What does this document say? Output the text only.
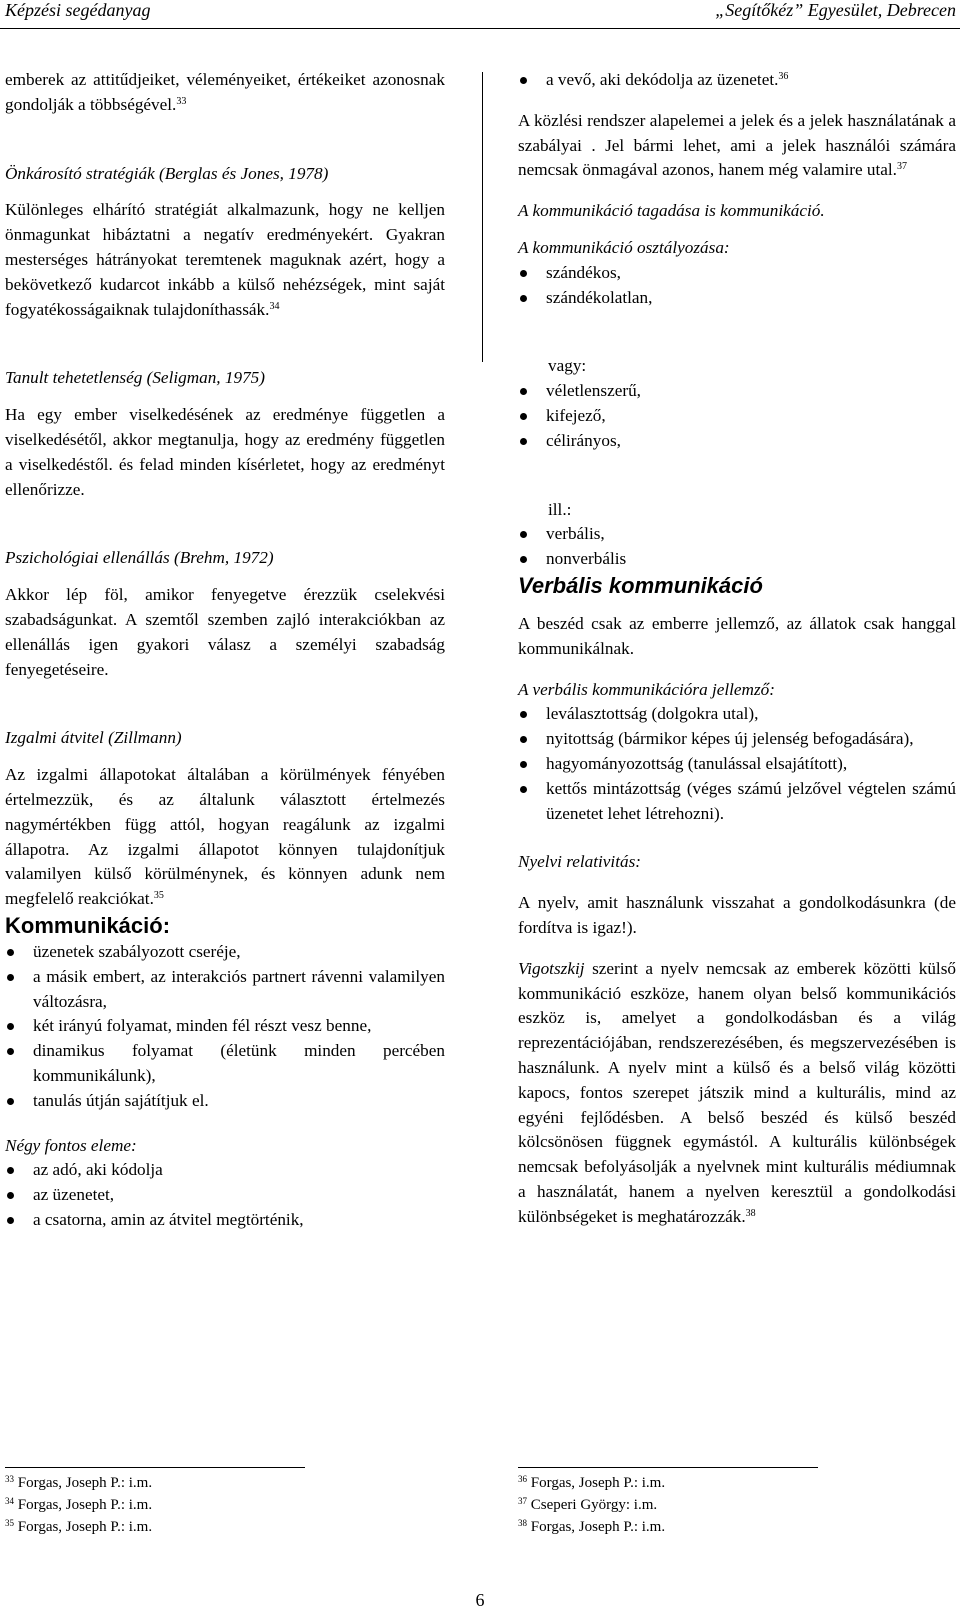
Képzési segédanyag	„Segítőkéz” Egyesület, Debrecen

emberek az attitűdjeiket, véleményeiket, értékeiket azonosnak gondolják a többségével.$^{33}$

Önkárosító stratégiák (Berglas és Jones, 1978)

Különleges elhárító stratégiát alkalmazunk, hogy ne kelljen önmagunkat hibáztatni a negatív eredményekért. Gyakran mesterséges hátrányokat teremtenek maguknak azért, hogy a bekövetkező kudarcot inkább a külső nehézségek, mint saját fogyatékosságaiknak tulajdoníthassák.$^{34}$

Tanult tehetetlenség (Seligman, 1975)

Ha egy ember viselkedésének az eredménye független a viselkedésétől, akkor megtanulja, hogy az eredmény független a viselkedéstől. és felad minden kísérletet, hogy az eredményt ellenőrizze.

Pszichológiai ellenállás (Brehm, 1972)

Akkor lép föl, amikor fenyegetve érezzük cselekvési szabadságunkat. A szemtől szemben zajló interakciókban az ellenállás igen gyakori válasz a személyi szabadság fenyegetéseire.

Izgalmi átvitel (Zillmann)

Az izgalmi állapotokat általában a körülmények fényében értelmezzük, és az általunk választott értelmezés nagymértékben függ attól, hogyan reagálunk az izgalmi állapotra. Az izgalmi állapotot könnyen tulajdonítjuk valamilyen külső körülménynek, és könnyen adunk nem megfelelő reakciókat.$^{35}$

Kommunikáció:
üzenetek szabályozott cseréje,
a másik embert, az interakciós partnert rávenni valamilyen változásra,
két irányú folyamat, minden fél részt vesz benne,
dinamikus folyamat (életünk minden percében kommunikálunk),
tanulás útján sajátítjuk el.

Négy fontos eleme:

az adó, aki kódolja
az üzenetet,
a csatorna, amin az átvitel megtörténik,
a vevő, aki dekódolja az üzenetet.$^{36}$

A közlési rendszer alapelemei a jelek és a jelek használatának a szabályai . Jel bármi lehet, ami a jelek használói számára nemcsak önmagával azonos, hanem még valamire utal.$^{37}$

A kommunikáció tagadása is kommunikáció.

A kommunikáció osztályozása:

szándékos,
szándékolatlan,

vagy:

véletlenszerű,
kifejező,
célirányos,

ill.:

verbális,
nonverbális
Verbális kommunikáció

A beszéd csak az emberre jellemző, az állatok csak hanggal kommunikálnak.

A verbális kommunikációra jellemző:

leválasztottság (dolgokra utal),
nyitottság (bármikor képes új jelenség befogadására),
hagyományozottság (tanulással elsajátított),
kettős mintázottság (véges számú jelzővel végtelen számú üzenetet lehet létrehozni).

Nyelvi relativitás:

A nyelv, amit használunk visszahat a gondolkodásunkra (de fordítva is igaz!).

Vigotszkij szerint a nyelv nemcsak az emberek közötti külső kommunikáció eszköze, hanem olyan belső kommunikációs eszköz is, amelyet a gondolkodásban és a világ reprezentációjában, rendszerezésében, és megszervezésében is használunk. A nyelv mint a külső és a belső világ közötti kapocs, fontos szerepet játszik mind a kulturális, mind az egyéni fejlődésben. A belső beszéd és külső beszéd kölcsönösen függnek egymástól. A kulturális különbségek nemcsak befolyásolják a nyelvnek mint kulturális médiumnak a használatát, hanem a nyelven keresztül a gondolkodási különbségeket is meghatározzák.$^{38}$

$^{33}$ Forgas, Joseph P.: i.m.
$^{34}$ Forgas, Joseph P.: i.m.
$^{35}$ Forgas, Joseph P.: i.m.
$^{36}$ Forgas, Joseph P.: i.m.
$^{37}$ Cseperi György: i.m.
$^{38}$ Forgas, Joseph P.: i.m.
6
